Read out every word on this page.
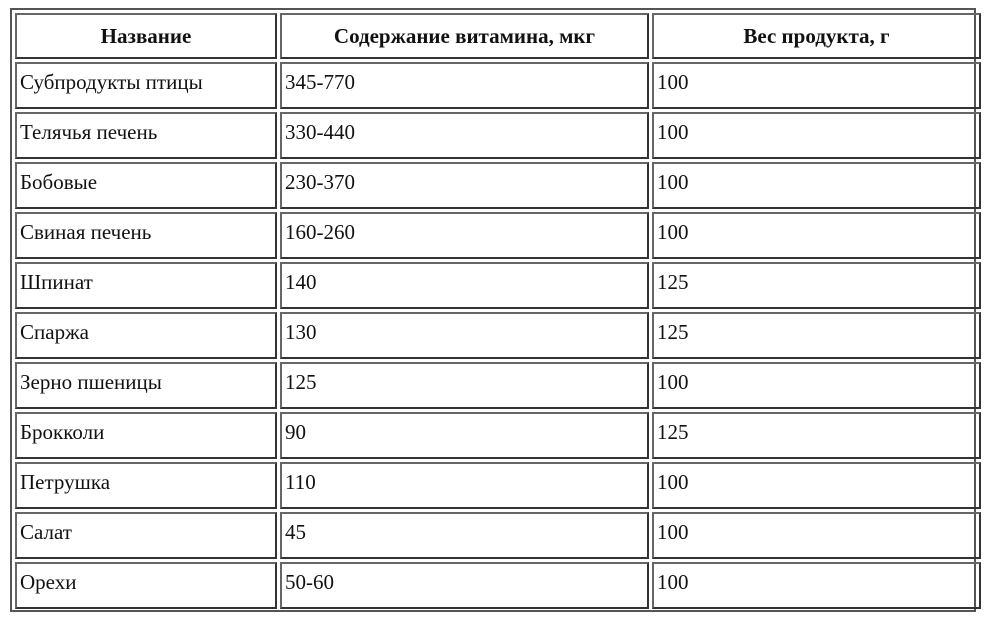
Название	Содержание витамина, мкг	Вес продукта, г
Субпродукты птицы	345-770	100
Телячья печень	330-440	100
Бобовые	230-370	100
Свиная печень	160-260	100
Шпинат	140	125
Спаржа	130	125
Зерно пшеницы	125	100
Брокколи	90	125
Петрушка	110	100
Салат	45	100
Орехи	50-60	100
